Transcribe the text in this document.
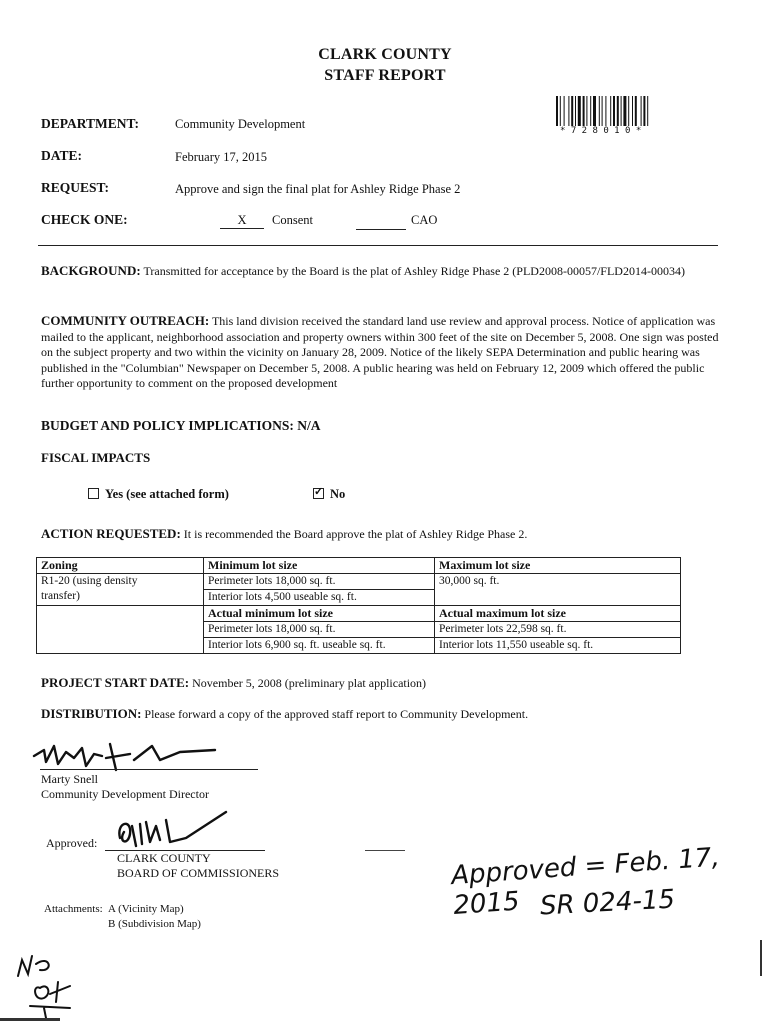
CLARK COUNTY
STAFF REPORT
* 7 2 8 0 1 0 *
DEPARTMENT:	Community Development
DATE:	February 17, 2015
REQUEST:	Approve and sign the final plat for Ashley Ridge Phase 2
CHECK ONE:	X	Consent	CAO
BACKGROUND: Transmitted for acceptance by the Board is the plat of Ashley Ridge Phase 2 (PLD2008-00057/FLD2014-00034)
COMMUNITY OUTREACH: This land division received the standard land use review and approval process. Notice of application was mailed to the applicant, neighborhood association and property owners within 300 feet of the site on December 5, 2008. One sign was posted on the subject property and two within the vicinity on January 28, 2009. Notice of the likely SEPA Determination and public hearing was published in the "Columbian" Newspaper on December 5, 2008. A public hearing was held on February 12, 2009 which offered the public further opportunity to comment on the proposed development
BUDGET AND POLICY IMPLICATIONS: N/A
FISCAL IMPACTS
Yes (see attached form) ✓	No
ACTION REQUESTED: It is recommended the Board approve the plat of Ashley Ridge Phase 2.
Zoning	Minimum lot size	Maximum lot size

R1-20 (using density
transfer)	Perimeter lots 18,000 sq. ft.	30,000 sq. ft.
	Interior lots 4,500 useable sq. ft.	
	Actual minimum lot size	Actual maximum lot size
	Perimeter lots 18,000 sq. ft.	Perimeter lots 22,598 sq. ft.
	Interior lots 6,900 sq. ft. useable sq. ft.	Interior lots 11,550 useable sq. ft.
PROJECT START DATE: November 5, 2008 (preliminary plat application)
DISTRIBUTION: Please forward a copy of the approved staff report to Community Development.
Marty Snell
Community Development Director
Approved:
CLARK COUNTY
BOARD OF COMMISSIONERS	Approved = Feb. 17, 2015 SR 024-15
Attachments: A (Vicinity Map)
B (Subdivision Map)
